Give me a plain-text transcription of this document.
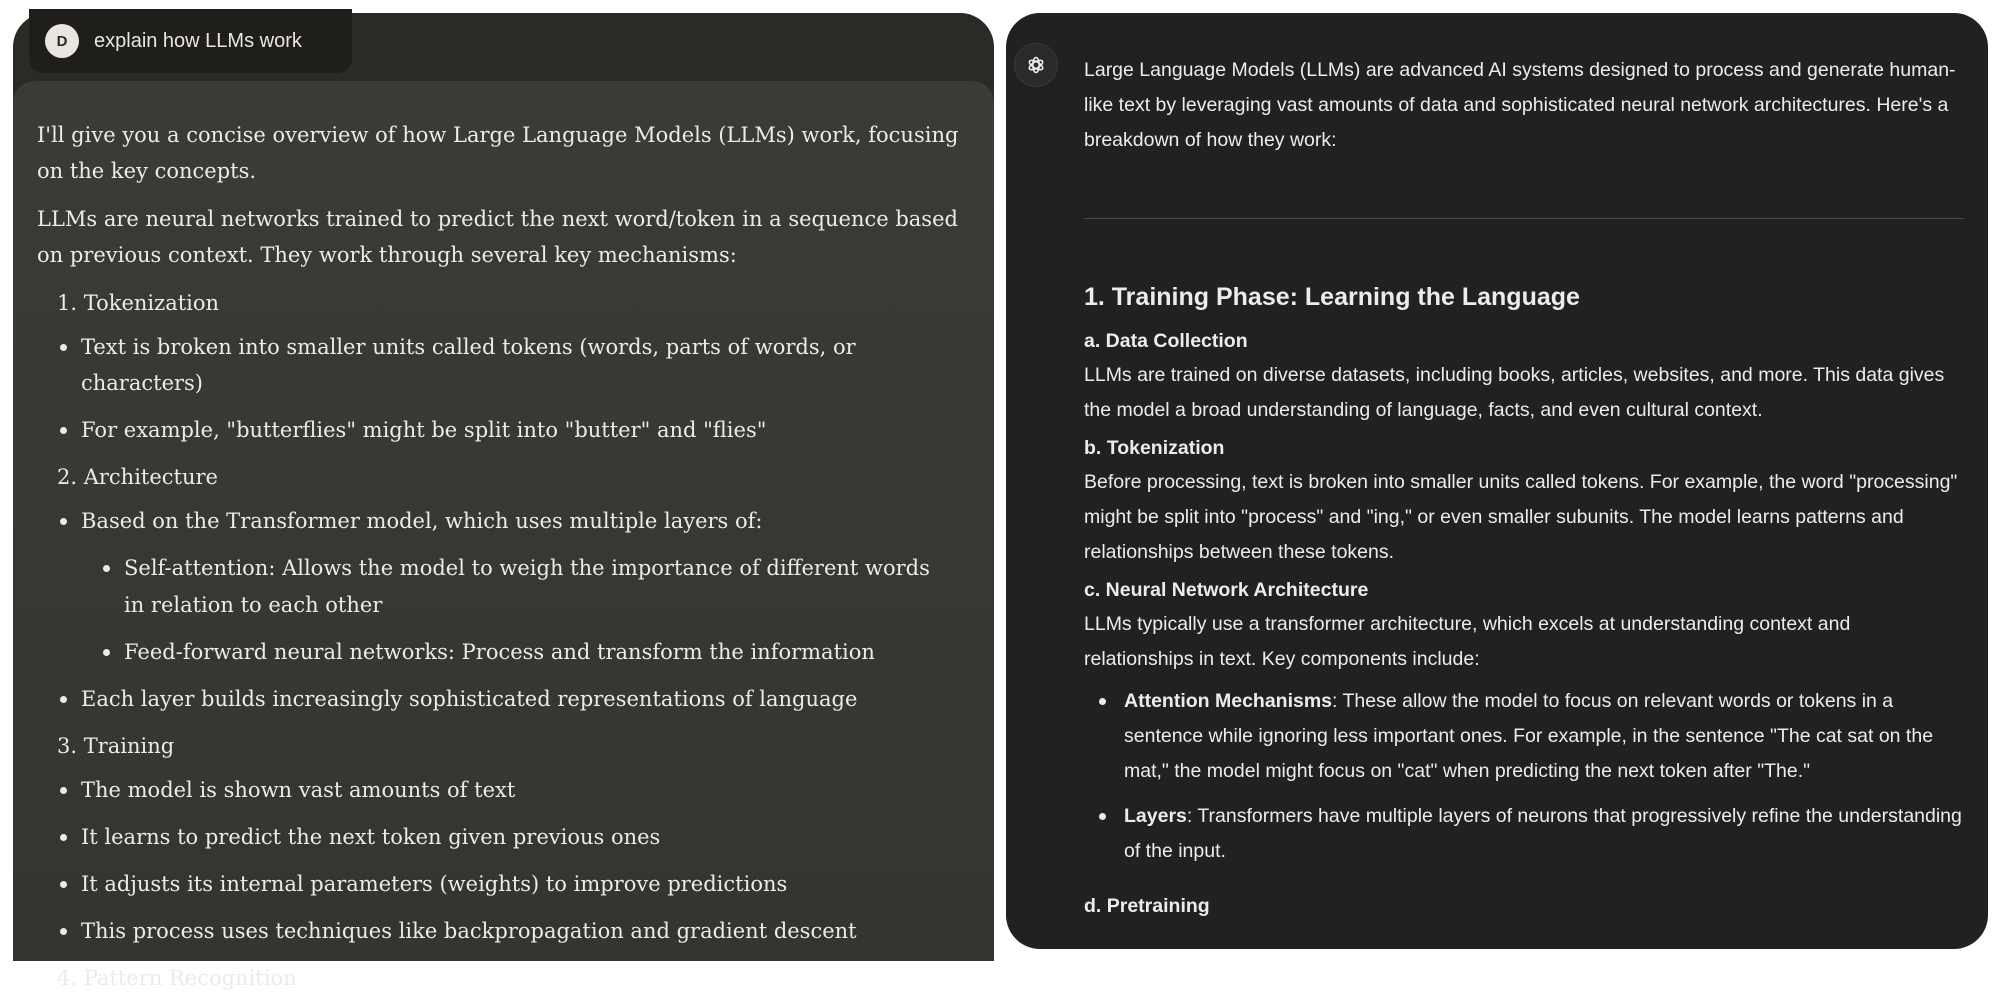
D	explain how LLMs work

I'll give you a concise overview of how Large Language Models (LLMs) work, focusing on the key concepts.

LLMs are neural networks trained to predict the next word/token in a sequence based on previous context. They work through several key mechanisms:

1. Tokenization
Text is broken into smaller units called tokens (words, parts of words, or characters)
For example, "butterflies" might be split into "butter" and "flies"
2. Architecture
Based on the Transformer model, which uses multiple layers of:
Self-attention: Allows the model to weigh the importance of different words in relation to each other
Feed-forward neural networks: Process and transform the information
Each layer builds increasingly sophisticated representations of language
3. Training
The model is shown vast amounts of text
It learns to predict the next token given previous ones
It adjusts its internal parameters (weights) to improve predictions
This process uses techniques like backpropagation and gradient descent
4. Pattern Recognition

Large Language Models (LLMs) are advanced AI systems designed to process and generate human-like text by leveraging vast amounts of data and sophisticated neural network architectures. Here's a breakdown of how they work:

1. Training Phase: Learning the Language
a. Data Collection

LLMs are trained on diverse datasets, including books, articles, websites, and more. This data gives the model a broad understanding of language, facts, and even cultural context.

b. Tokenization

Before processing, text is broken into smaller units called tokens. For example, the word "processing" might be split into "process" and "ing," or even smaller subunits. The model learns patterns and relationships between these tokens.

c. Neural Network Architecture

LLMs typically use a transformer architecture, which excels at understanding context and relationships in text. Key components include:

Attention Mechanisms: These allow the model to focus on relevant words or tokens in a sentence while ignoring less important ones. For example, in the sentence "The cat sat on the mat," the model might focus on "cat" when predicting the next token after "The."
Layers: Transformers have multiple layers of neurons that progressively refine the understanding of the input.
d. Pretraining
